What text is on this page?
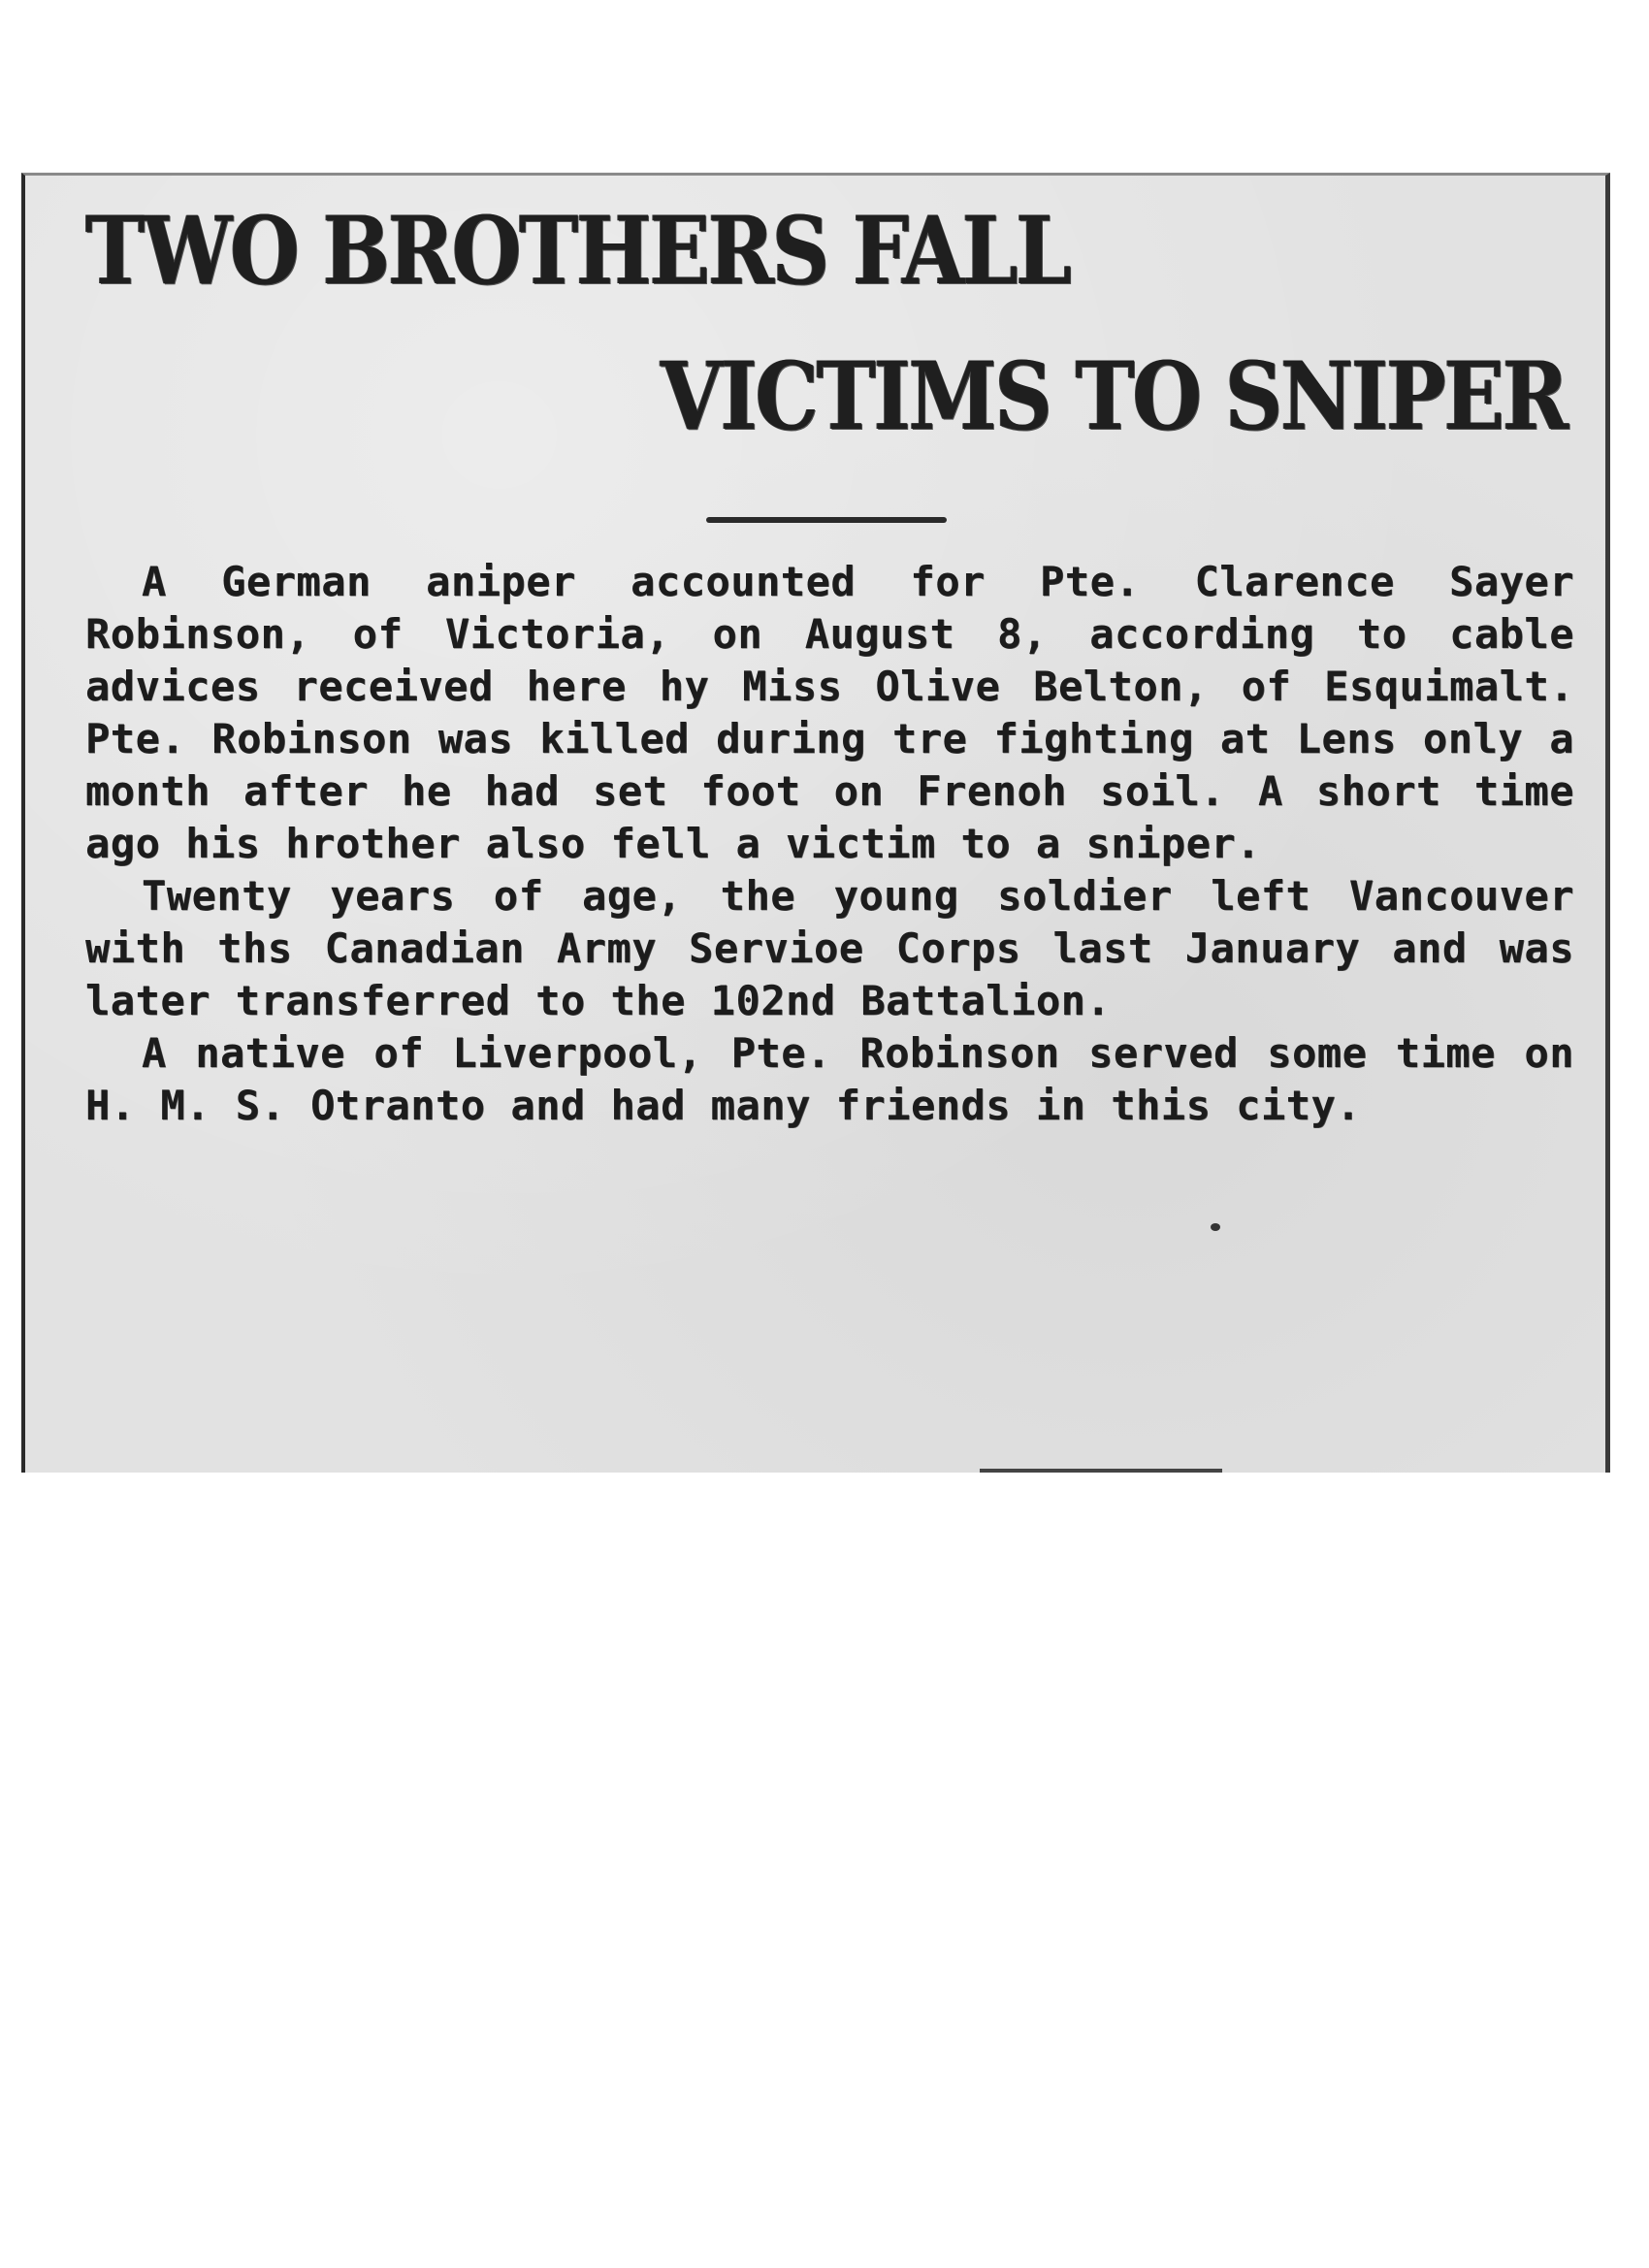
TWO BROTHERS FALL
VICTIMS TO SNIPER

A German aniper accounted for Pte. Clarence Sayer Robinson, of Victoria, on August 8, according to cable advices received here hy Miss Olive Belton, of Esquimalt. Pte. Robinson was killed during tre fighting at Lens only a month after he had set foot on Frenoh soil. A short time ago his hrother also fell a victim to a sniper.

Twenty years of age, the young soldier left Vancouver with ths Canadian Army Servioe Corps last January and was later transferred to the 102nd Battalion.

A native of Liverpool, Pte. Robinson served some time on H. M. S. Otranto and had many friends in this city.
